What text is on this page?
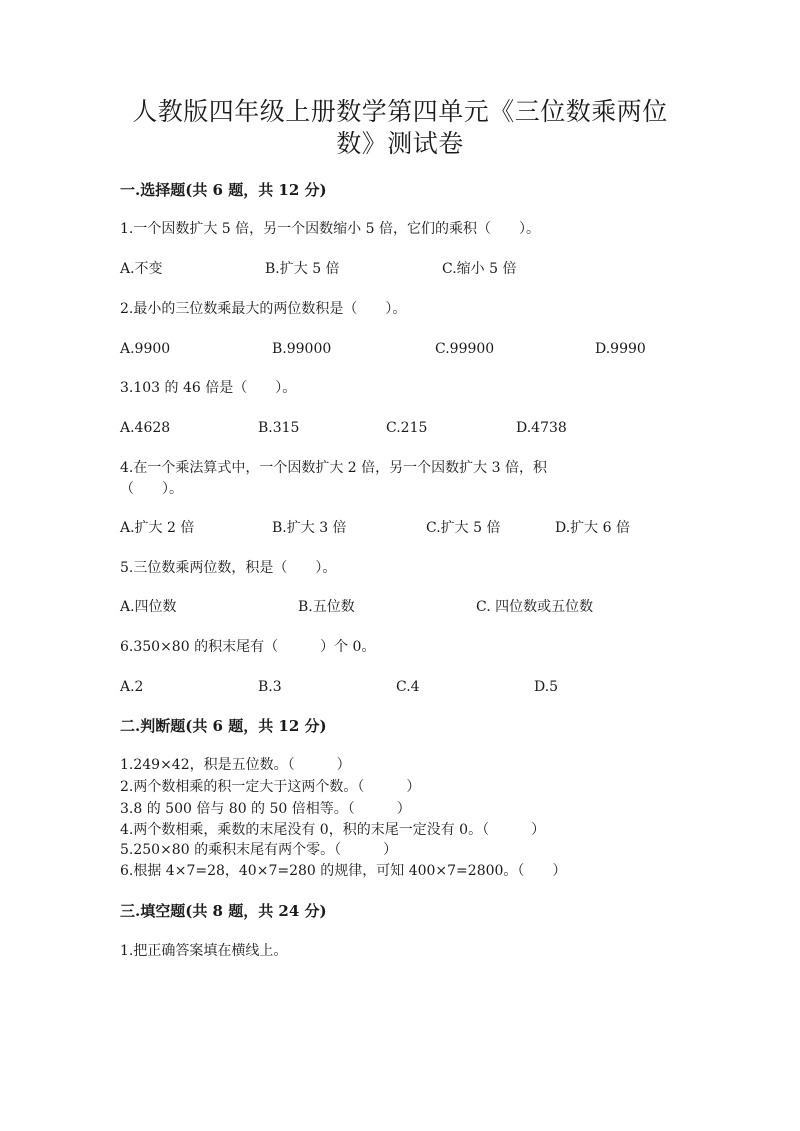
人教版四年级上册数学第四单元《三位数乘两位
数》测试卷
一.选择题(共 6 题，共 12 分)
1.一个因数扩大 5 倍，另一个因数缩小 5 倍，它们的乘积（　　）。
A.不变	B.扩大 5 倍	C.缩小 5 倍
2.最小的三位数乘最大的两位数积是（　　）。
A.9900	B.99000	C.99900	D.9990
3.103 的 46 倍是（　　）。
A.4628	B.315	C.215	D.4738
4.在一个乘法算式中，一个因数扩大 2 倍，另一个因数扩大 3 倍，积
（　　）。
A.扩大 2 倍	B.扩大 3 倍	C.扩大 5 倍	D.扩大 6 倍
5.三位数乘两位数，积是（　　）。
A.四位数	B.五位数	C. 四位数或五位数
6.350×80 的积末尾有（　　　）个 0。
A.2	B.3	C.4	D.5
二.判断题(共 6 题，共 12 分)
1.249×42，积是五位数。（　　　）
2.两个数相乘的积一定大于这两个数。（　　　）
3.8 的 500 倍与 80 的 50 倍相等。（　　　）
4.两个数相乘，乘数的末尾没有 0，积的末尾一定没有 0。（　　　）
5.250×80 的乘积末尾有两个零。（　　　）
6.根据 4×7=28，40×7=280 的规律，可知 400×7=2800。（　　）
三.填空题(共 8 题，共 24 分)
1.把正确答案填在横线上。
